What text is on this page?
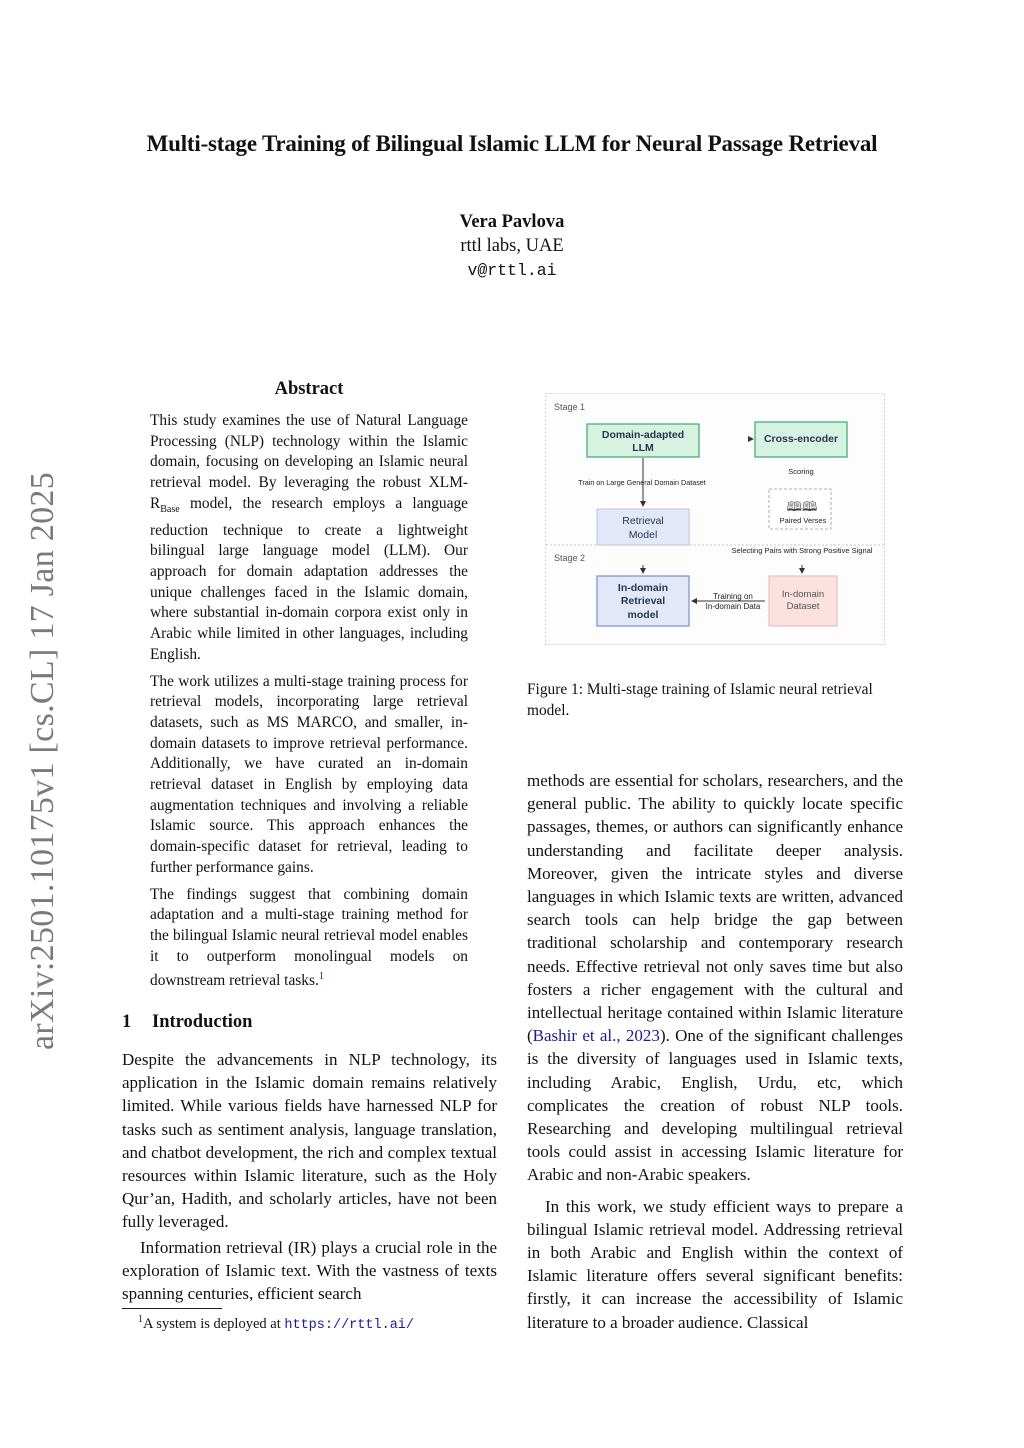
Multi-stage Training of Bilingual Islamic LLM for Neural Passage Retrieval
Vera Pavlova
rttl labs, UAE
v@rttl.ai
arXiv:2501.10175v1 [cs.CL] 17 Jan 2025
Abstract

This study examines the use of Natural Language Processing (NLP) technology within the Islamic domain, focusing on developing an Islamic neural retrieval model. By leveraging the robust XLM-$R_{Base}$ model, the research employs a language reduction technique to create a lightweight bilingual large language model (LLM). Our approach for domain adaptation addresses the unique challenges faced in the Islamic domain, where substantial in-domain corpora exist only in Arabic while limited in other languages, including English.

The work utilizes a multi-stage training process for retrieval models, incorporating large retrieval datasets, such as MS MARCO, and smaller, in-domain datasets to improve retrieval performance. Additionally, we have curated an in-domain retrieval dataset in English by employing data augmentation techniques and involving a reliable Islamic source. This approach enhances the domain-specific dataset for retrieval, leading to further performance gains.

The findings suggest that combining domain adaptation and a multi-stage training method for the bilingual Islamic neural retrieval model enables it to outperform monolingual models on downstream retrieval tasks.$^1$

1 Introduction

Despite the advancements in NLP technology, its application in the Islamic domain remains relatively limited. While various fields have harnessed NLP for tasks such as sentiment analysis, language translation, and chatbot development, the rich and complex textual resources within Islamic literature, such as the Holy Qur’an, Hadith, and scholarly articles, have not been fully leveraged.

Information retrieval (IR) plays a crucial role in the exploration of Islamic text. With the vastness of texts spanning centuries, efficient search

$^1$A system is deployed at https://rttl.ai/
Stage 1
Stage 2
Domain-adapted
LLM
Cross-encoder
Scoring
🕮🕮
Paired Verses
Train on Large General Domain Dataset
Retrieval
Model
Selecting Pairs with Strong Positive Signal
In-domain
Retrieval
model
Training on
In-domain Data
In-domain
Dataset
Figure 1: Multi-stage training of Islamic neural retrieval model.

methods are essential for scholars, researchers, and the general public. The ability to quickly locate specific passages, themes, or authors can significantly enhance understanding and facilitate deeper analysis. Moreover, given the intricate styles and diverse languages in which Islamic texts are written, advanced search tools can help bridge the gap between traditional scholarship and contemporary research needs. Effective retrieval not only saves time but also fosters a richer engagement with the cultural and intellectual heritage contained within Islamic literature (Bashir et al., 2023). One of the significant challenges is the diversity of languages used in Islamic texts, including Arabic, English, Urdu, etc, which complicates the creation of robust NLP tools. Researching and developing multilingual retrieval tools could assist in accessing Islamic literature for Arabic and non-Arabic speakers.

In this work, we study efficient ways to prepare a bilingual Islamic retrieval model. Addressing retrieval in both Arabic and English within the context of Islamic literature offers several significant benefits: firstly, it can increase the accessibility of Islamic literature to a broader audience. Classical
